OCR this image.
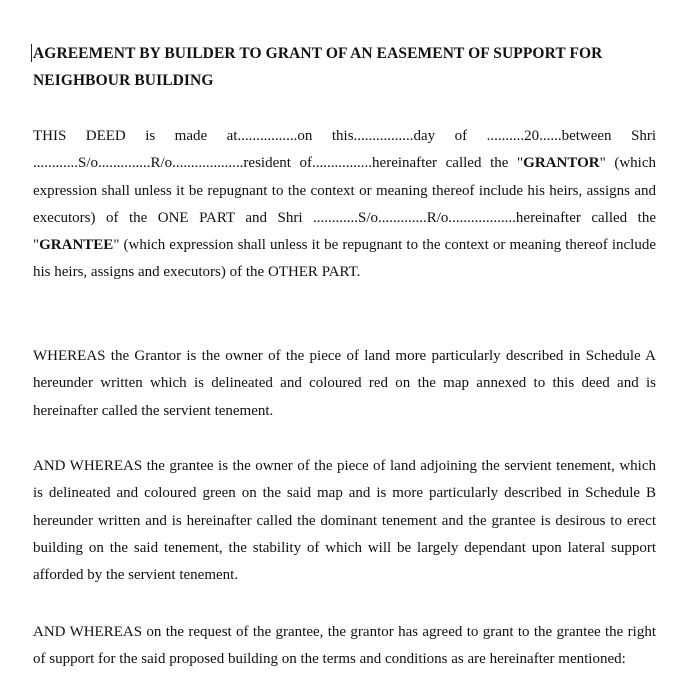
AGREEMENT BY BUILDER TO GRANT OF AN EASEMENT OF SUPPORT FOR NEIGHBOUR BUILDING

THIS DEED is made at................on this................day of ..........20......between Shri ............S/o..............R/o...................resident of................hereinafter called the "GRANTOR" (which expression shall unless it be repugnant to the context or meaning thereof include his heirs, assigns and executors) of the ONE PART and Shri ............S/o.............R/o..................hereinafter called the "GRANTEE" (which expression shall unless it be repugnant to the context or meaning thereof include his heirs, assigns and executors) of the OTHER PART.

WHEREAS the Grantor is the owner of the piece of land more particularly described in Schedule A hereunder written which is delineated and coloured red on the map annexed to this deed and is hereinafter called the servient tenement.

AND WHEREAS the grantee is the owner of the piece of land adjoining the servient tenement, which is delineated and coloured green on the said map and is more particularly described in Schedule B hereunder written and is hereinafter called the dominant tenement and the grantee is desirous to erect building on the said tenement, the stability of which will be largely dependant upon lateral support afforded by the servient tenement.

AND WHEREAS on the request of the grantee, the grantor has agreed to grant to the grantee the right of support for the said proposed building on the terms and conditions as are hereinafter mentioned:
